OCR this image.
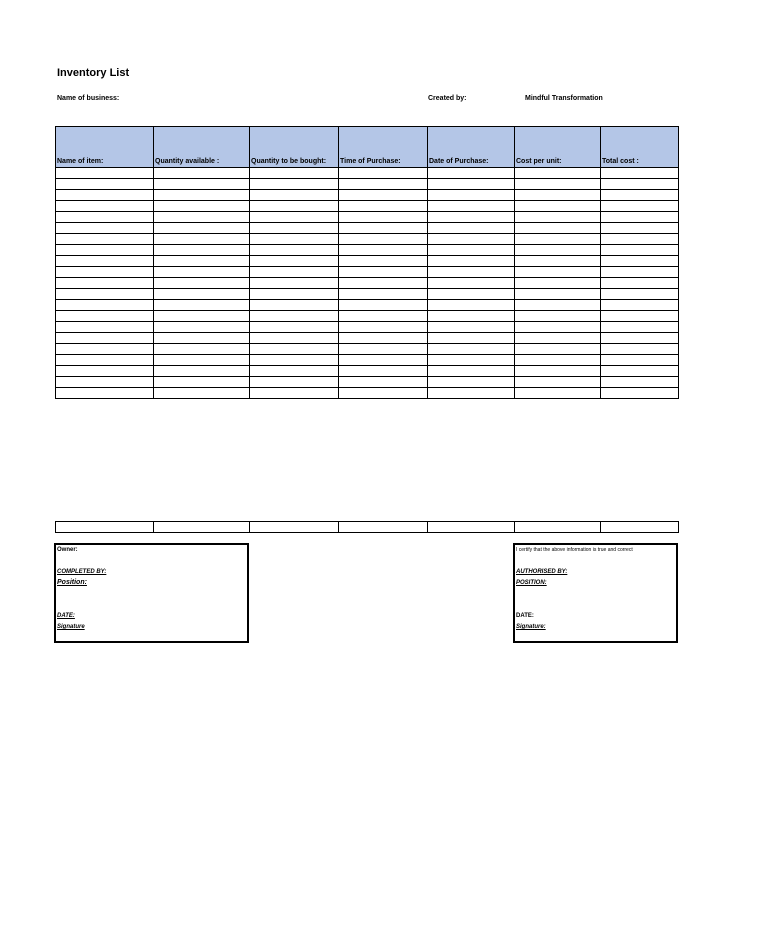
Inventory List
Name of business:	Created by:	Mindful Transformation
Name of item:	Quantity available :	Quantity to be bought:	Time of Purchase:	Date of Purchase:	Cost per unit:	Total cost :

Owner:
COMPLETED BY:
Position:
DATE:
Signature
I certify that the above information is true and correct
AUTHORISED BY:
POSITION:
DATE:
Signature:
